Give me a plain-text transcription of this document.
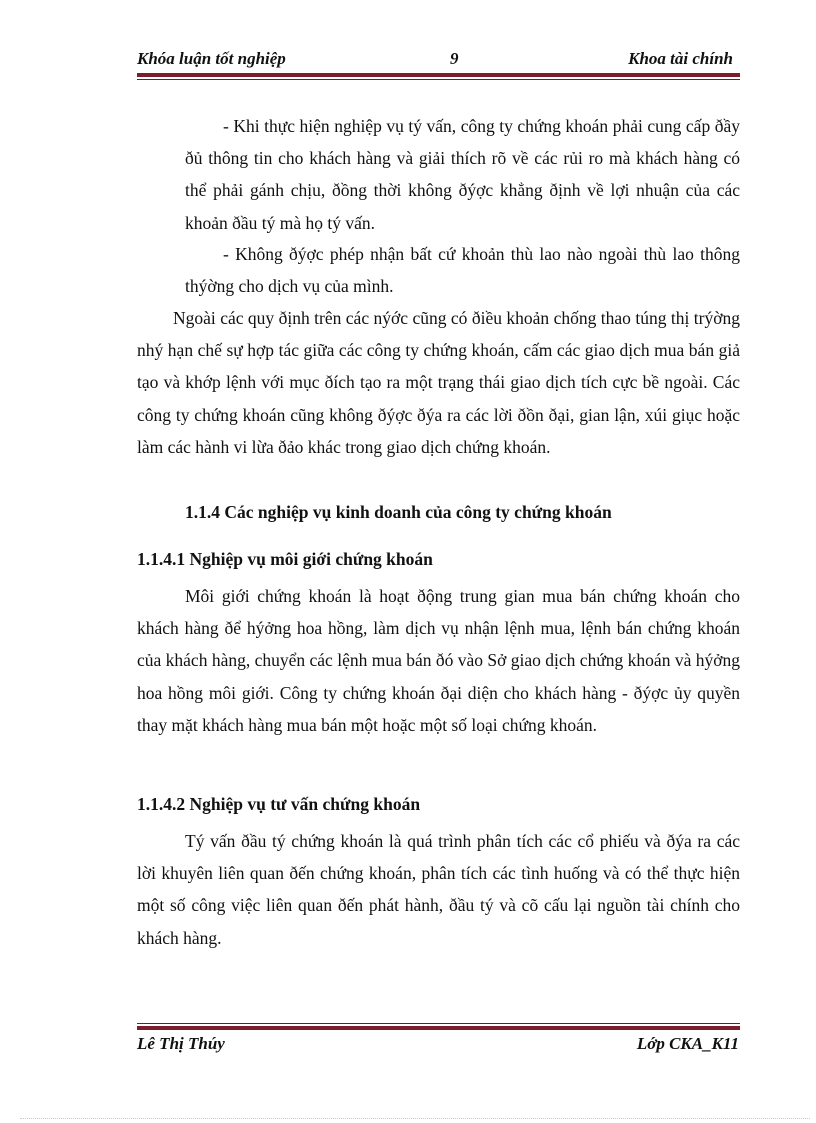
Khóa luận tốt nghiệp	9	Khoa tài chính
- Khi thực hiện nghiệp vụ tý vấn, công ty chứng khoán phải cung cấp ðầy ðủ thông tin cho khách hàng và giải thích rõ về các rủi ro mà khách hàng có thể phải gánh chịu, ðồng thời không ðýợc khẳng ðịnh về lợi nhuận của các khoản ðầu tý mà họ tý vấn.
- Không ðýợc phép nhận bất cứ khoản thù lao nào ngoài thù lao thông thýờng cho dịch vụ của mình.
Ngoài các quy ðịnh trên các nýớc cũng có ðiều khoản chống thao túng thị trýờng nhý hạn chế sự hợp tác giữa các công ty chứng khoán, cấm các giao dịch mua bán giả tạo và khớp lệnh với mục ðích tạo ra một trạng thái giao dịch tích cực bề ngoài. Các công ty chứng khoán cũng không ðýợc ðýa ra các lời ðồn ðại, gian lận, xúi giục hoặc làm các hành vi lừa ðảo khác trong giao dịch chứng khoán.
1.1.4 Các nghiệp vụ kinh doanh của công ty chứng khoán
1.1.4.1 Nghiệp vụ môi giới chứng khoán
Môi giới chứng khoán là hoạt ðộng trung gian mua bán chứng khoán cho khách hàng ðể hýởng hoa hồng, làm dịch vụ nhận lệnh mua, lệnh bán chứng khoán của khách hàng, chuyển các lệnh mua bán ðó vào Sở giao dịch chứng khoán và hýởng hoa hồng môi giới. Công ty chứng khoán ðại diện cho khách hàng - ðýợc ủy quyền thay mặt khách hàng mua bán một hoặc một số loại chứng khoán.
1.1.4.2 Nghiệp vụ tư vấn chứng khoán
Tý vấn ðầu tý chứng khoán là quá trình phân tích các cổ phiếu và ðýa ra các lời khuyên liên quan ðến chứng khoán, phân tích các tình huống và có thể thực hiện một số công việc liên quan ðến phát hành, ðầu tý và cõ cấu lại nguồn tài chính cho khách hàng.
Lê Thị Thúy	Lớp CKA_K11
